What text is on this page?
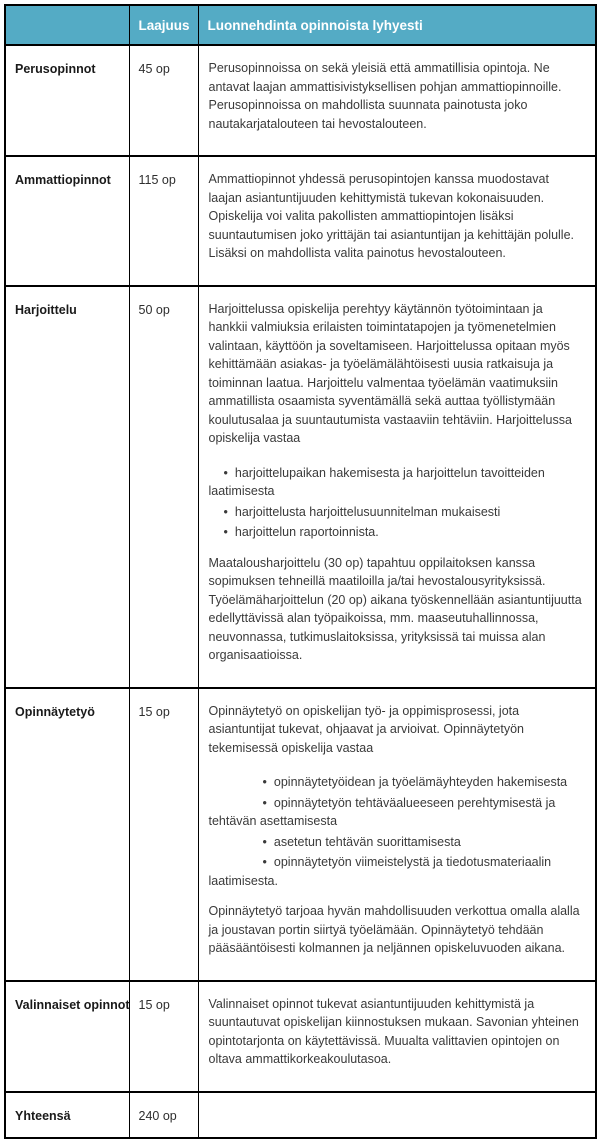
	Laajuus	Luonnehdinta opinnoista lyhyesti
Perusopinnot	45 op	Perusopinnoissa on sekä yleisiä että ammatillisia opintoja. Ne antavat laajan ammattisivistyksellisen pohjan ammattiopinnoille. Perusopinnoissa on mahdollista suunnata painotusta joko nautakarjatalouteen tai hevostalouteen.

Ammattiopinnot	115 op	Ammattiopinnot yhdessä perusopintojen kanssa muodostavat laajan asiantuntijuuden kehittymistä tukevan kokonaisuuden. Opiskelija voi valita pakollisten ammattiopintojen lisäksi suuntautumisen joko yrittäjän tai asiantuntijan ja kehittäjän polulle. Lisäksi on mahdollista valita painotus hevostalouteen.

Harjoittelu	50 op	Harjoittelussa opiskelija perehtyy käytännön työtoimintaan ja hankkii valmiuksia erilaisten toimintatapojen ja työmenetelmien valintaan, käyttöön ja soveltamiseen. Harjoittelussa opitaan myös kehittämään asiakas- ja työelämälähtöisesti uusia ratkaisuja ja toiminnan laatua. Harjoittelu valmentaa työelämän vaatimuksiin ammatillista osaamista syventämällä sekä auttaa työllistymään koulutusalaa ja suuntautumista vastaaviin tehtäviin. Harjoittelussa opiskelija vastaa

• harjoittelupaikan hakemisesta ja harjoittelun tavoitteiden laatimisesta
• harjoittelusta harjoittelusuunnitelman mukaisesti
• harjoittelun raportoinnista.

Maatalousharjoittelu (30 op) tapahtuu oppilaitoksen kanssa sopimuksen tehneillä maatiloilla ja/tai hevostalousyrityksissä. Työelämäharjoittelun (20 op) aikana työskennellään asiantuntijuutta edellyttävissä alan työpaikoissa, mm. maaseutuhallinnossa, neuvonnassa, tutkimuslaitoksissa, yrityksissä tai muissa alan organisaatioissa.

Opinnäytetyö	15 op	Opinnäytetyö on opiskelijan työ- ja oppimisprosessi, jota asiantuntijat tukevat, ohjaavat ja arvioivat. Opinnäytetyön tekemisessä opiskelija vastaa

• opinnäytetyöidean ja työelämäyhteyden hakemisesta
• opinnäytetyön tehtäväalueeseen perehtymisestä ja tehtävän asettamisesta
• asetetun tehtävän suorittamisesta
• opinnäytetyön viimeistelystä ja tiedotusmateriaalin laatimisesta.

Opinnäytetyö tarjoaa hyvän mahdollisuuden verkottua omalla alalla ja joustavan portin siirtyä työelämään. Opinnäytetyö tehdään pääsääntöisesti kolmannen ja neljännen opiskeluvuoden aikana.

Valinnaiset opinnot	15 op	Valinnaiset opinnot tukevat asiantuntijuuden kehittymistä ja suuntautuvat opiskelijan kiinnostuksen mukaan. Savonian yhteinen opintotarjonta on käytettävissä. Muualta valittavien opintojen on oltava ammattikorkeakoulutasoa.

Yhteensä	240 op	
